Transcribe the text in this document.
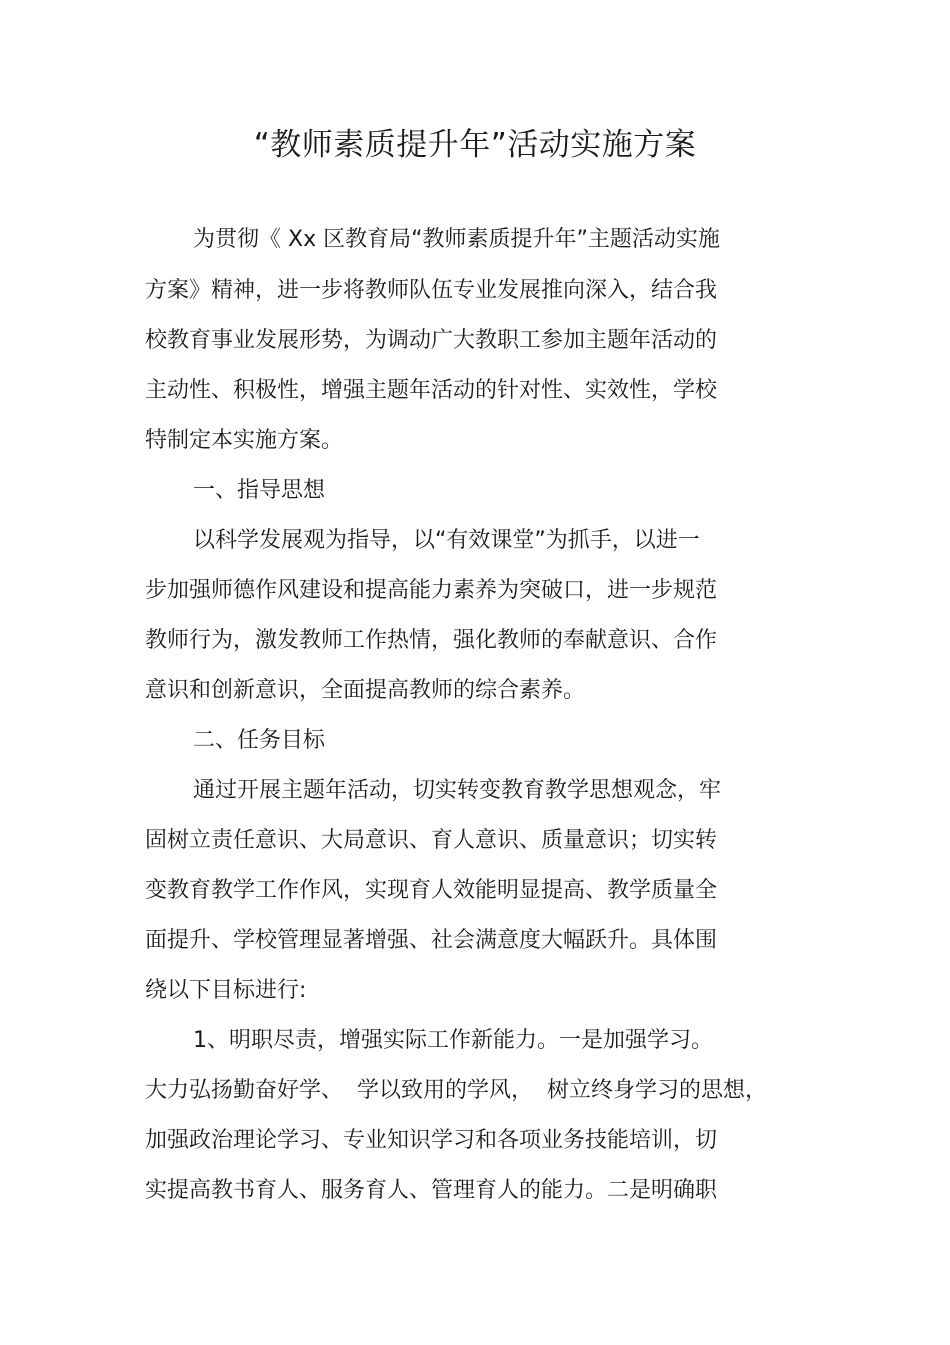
“教师素质提升年”活动实施方案
为贯彻《 Xx 区教育局“教师素质提升年”主题活动实施
方案》精神，进一步将教师队伍专业发展推向深入，结合我
校教育事业发展形势，为调动广大教职工参加主题年活动的
主动性、积极性，增强主题年活动的针对性、实效性，学校
特制定本实施方案。
一、指导思想
以科学发展观为指导，以“有效课堂”为抓手，以进一
步加强师德作风建设和提高能力素养为突破口，进一步规范
教师行为，激发教师工作热情，强化教师的奉献意识、合作
意识和创新意识，全面提高教师的综合素养。
二、任务目标
通过开展主题年活动，切实转变教育教学思想观念，牢
固树立责任意识、大局意识、育人意识、质量意识；切实转
变教育教学工作作风，实现育人效能明显提高、教学质量全
面提升、学校管理显著增强、社会满意度大幅跃升。具体围
绕以下目标进行:
1、明职尽责，增强实际工作新能力。一是加强学习。
大力弘扬勤奋好学、  学以致用的学风，  树立终身学习的思想，
加强政治理论学习、专业知识学习和各项业务技能培训，切
实提高教书育人、服务育人、管理育人的能力。二是明确职
